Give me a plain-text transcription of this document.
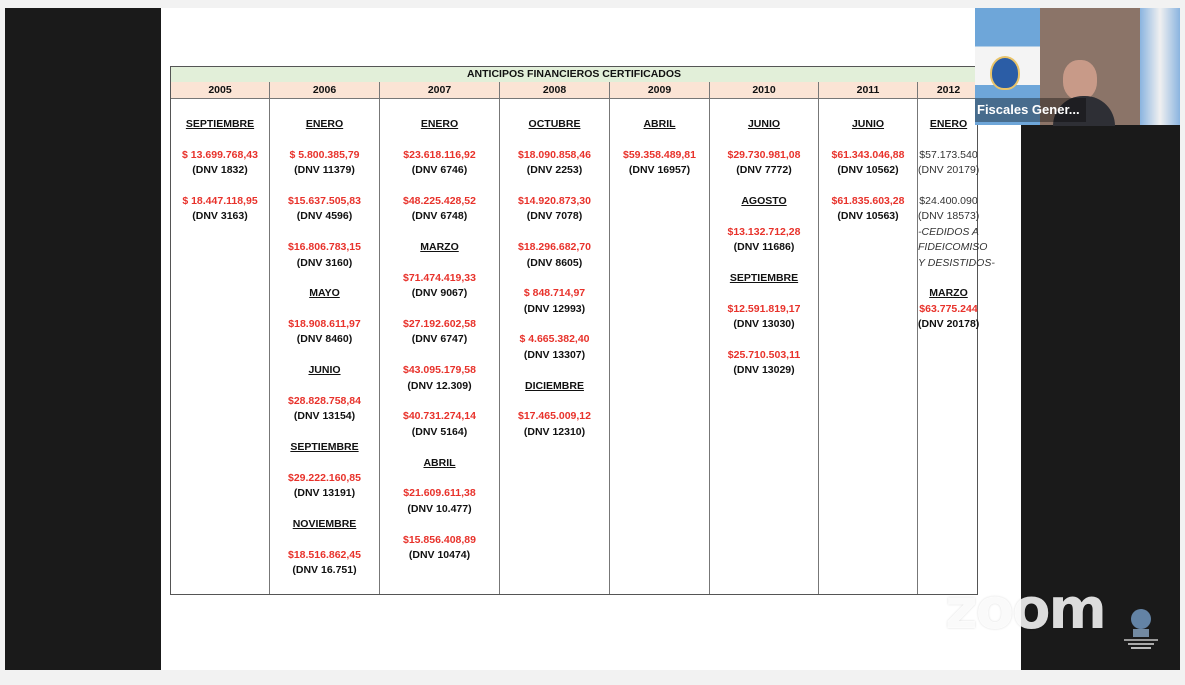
ANTICIPOS FINANCIEROS CERTIFICADOS
2005
SEPTIEMBRE
$ 13.699.768,43
(DNV 1832)
$ 18.447.118,95
(DNV 3163)
2006
ENERO
$ 5.800.385,79
(DNV 11379)
$15.637.505,83
(DNV 4596)
$16.806.783,15
(DNV 3160)
MAYO
$18.908.611,97
(DNV 8460)
JUNIO
$28.828.758,84
(DNV 13154)
SEPTIEMBRE
$29.222.160,85
(DNV 13191)
NOVIEMBRE
$18.516.862,45
(DNV 16.751)
2007
ENERO
$23.618.116,92
(DNV 6746)
$48.225.428,52
(DNV 6748)
MARZO
$71.474.419,33
(DNV 9067)
$27.192.602,58
(DNV 6747)
$43.095.179,58
(DNV 12.309)
$40.731.274,14
(DNV 5164)
ABRIL
$21.609.611,38
(DNV 10.477)
$15.856.408,89
(DNV 10474)
2008
OCTUBRE
$18.090.858,46
(DNV 2253)
$14.920.873,30
(DNV 7078)
$18.296.682,70
(DNV 8605)
$ 848.714,97
(DNV 12993)
$ 4.665.382,40
(DNV 13307)
DICIEMBRE
$17.465.009,12
(DNV 12310)
2009
ABRIL
$59.358.489,81
(DNV 16957)
2010
JUNIO
$29.730.981,08
(DNV 7772)
AGOSTO
$13.132.712,28
(DNV 11686)
SEPTIEMBRE
$12.591.819,17
(DNV 13030)
$25.710.503,11
(DNV 13029)
2011
JUNIO
$61.343.046,88
(DNV 10562)
$61.835.603,28
(DNV 10563)
2012
ENERO
$57.173.540
(DNV 20179)
$24.400.090
(DNV 18573)
-CEDIDOS A
FIDEICOMISO
Y DESISTIDOS-
MARZO
$63.775.244
(DNV 20178)
Fiscales Gener...
zoom
